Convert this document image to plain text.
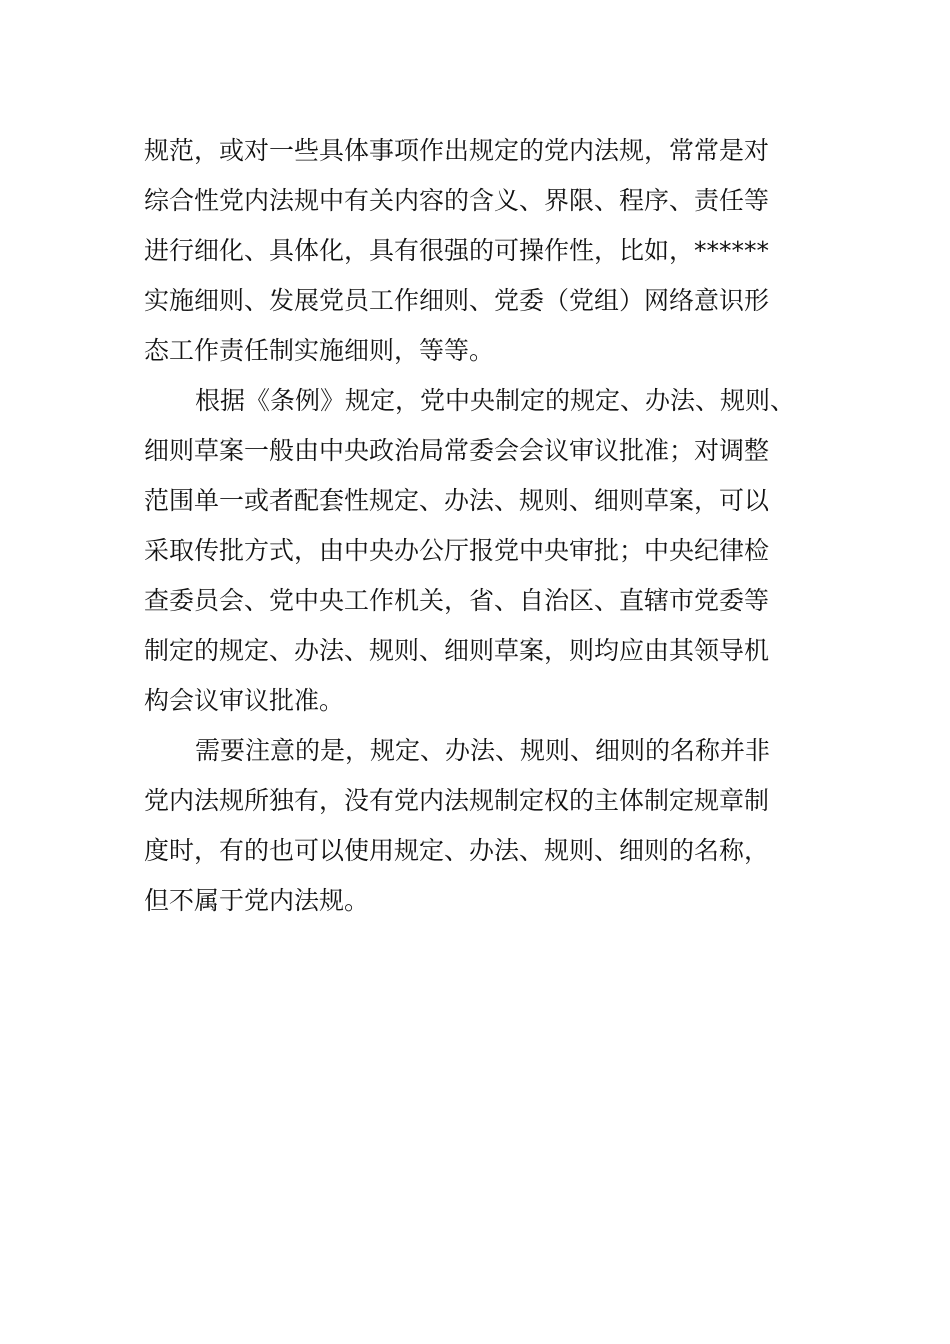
规范，或对一些具体事项作出规定的党内法规，常常是对
综合性党内法规中有关内容的含义、界限、程序、责任等
进行细化、具体化，具有很强的可操作性，比如，******
实施细则、发展党员工作细则、党委（党组）网络意识形
态工作责任制实施细则，等等。
根据《条例》规定，党中央制定的规定、办法、规则、
细则草案一般由中央政治局常委会会议审议批准；对调整
范围单一或者配套性规定、办法、规则、细则草案，可以
采取传批方式，由中央办公厅报党中央审批；中央纪律检
查委员会、党中央工作机关，省、自治区、直辖市党委等
制定的规定、办法、规则、细则草案，则均应由其领导机
构会议审议批准。
需要注意的是，规定、办法、规则、细则的名称并非
党内法规所独有，没有党内法规制定权的主体制定规章制
度时，有的也可以使用规定、办法、规则、细则的名称，
但不属于党内法规。
